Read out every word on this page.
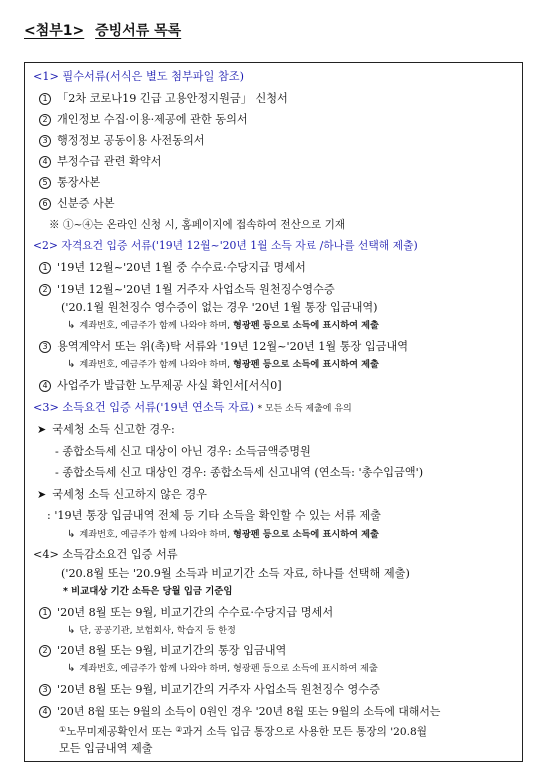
<첨부1> 증빙서류 목록
<1> 필수서류(서식은 별도 첨부파일 참조)
1 「2차 코로나19 긴급 고용안정지원금」 신청서
2 개인정보 수집·이용·제공에 관한 동의서
3 행정정보 공동이용 사전동의서
4 부정수급 관련 확약서
5 통장사본
6 신분증 사본
※ ①~④는 온라인 신청 시, 홈페이지에 접속하여 전산으로 기재
<2> 자격요건 입증 서류('19년 12월~'20년 1월 소득 자료 /하나를 선택해 제출)
1 '19년 12월~'20년 1월 중 수수료·수당지급 명세서
2 '19년 12월~'20년 1월 거주자 사업소득 원천징수영수증
('20.1월 원천징수 영수증이 없는 경우 '20년 1월 통장 입금내역)
↳ 계좌번호, 예금주가 함께 나와야 하며, 형광펜 등으로 소득에 표시하여 제출
3 용역계약서 또는 위(촉)탁 서류와 '19년 12월~'20년 1월 통장 입금내역
↳ 계좌번호, 예금주가 함께 나와야 하며, 형광펜 등으로 소득에 표시하여 제출
4 사업주가 발급한 노무제공 사실 확인서[서식0]
<3> 소득요건 입증 서류('19년 연소득 자료) * 모든 소득 제출에 유의
➤ 국세청 소득 신고한 경우:
- 종합소득세 신고 대상이 아닌 경우: 소득금액증명원
- 종합소득세 신고 대상인 경우: 종합소득세 신고내역 (연소득: '총수입금액')
➤ 국세청 소득 신고하지 않은 경우
: '19년 통장 입금내역 전체 등 기타 소득을 확인할 수 있는 서류 제출
↳ 계좌번호, 예금주가 함께 나와야 하며, 형광펜 등으로 소득에 표시하여 제출
<4> 소득감소요건 입증 서류
('20.8월 또는 '20.9월 소득과 비교기간 소득 자료, 하나를 선택해 제출)
* 비교대상 기간 소득은 당월 입금 기준임
1 '20년 8월 또는 9월, 비교기간의 수수료·수당지급 명세서
↳ 단, 공공기관, 보험회사, 학습지 등 한정
2 '20년 8월 또는 9월, 비교기간의 통장 입금내역
↳ 계좌번호, 예금주가 함께 나와야 하며, 형광펜 등으로 소득에 표시하여 제출
3 '20년 8월 또는 9월, 비교기간의 거주자 사업소득 원천징수 영수증
4 '20년 8월 또는 9월의 소득이 0원인 경우 '20년 8월 또는 9월의 소득에 대해서는
①노무미제공확인서 또는 ②과거 소득 입금 통장으로 사용한 모든 통장의 '20.8월
모든 입금내역 제출
